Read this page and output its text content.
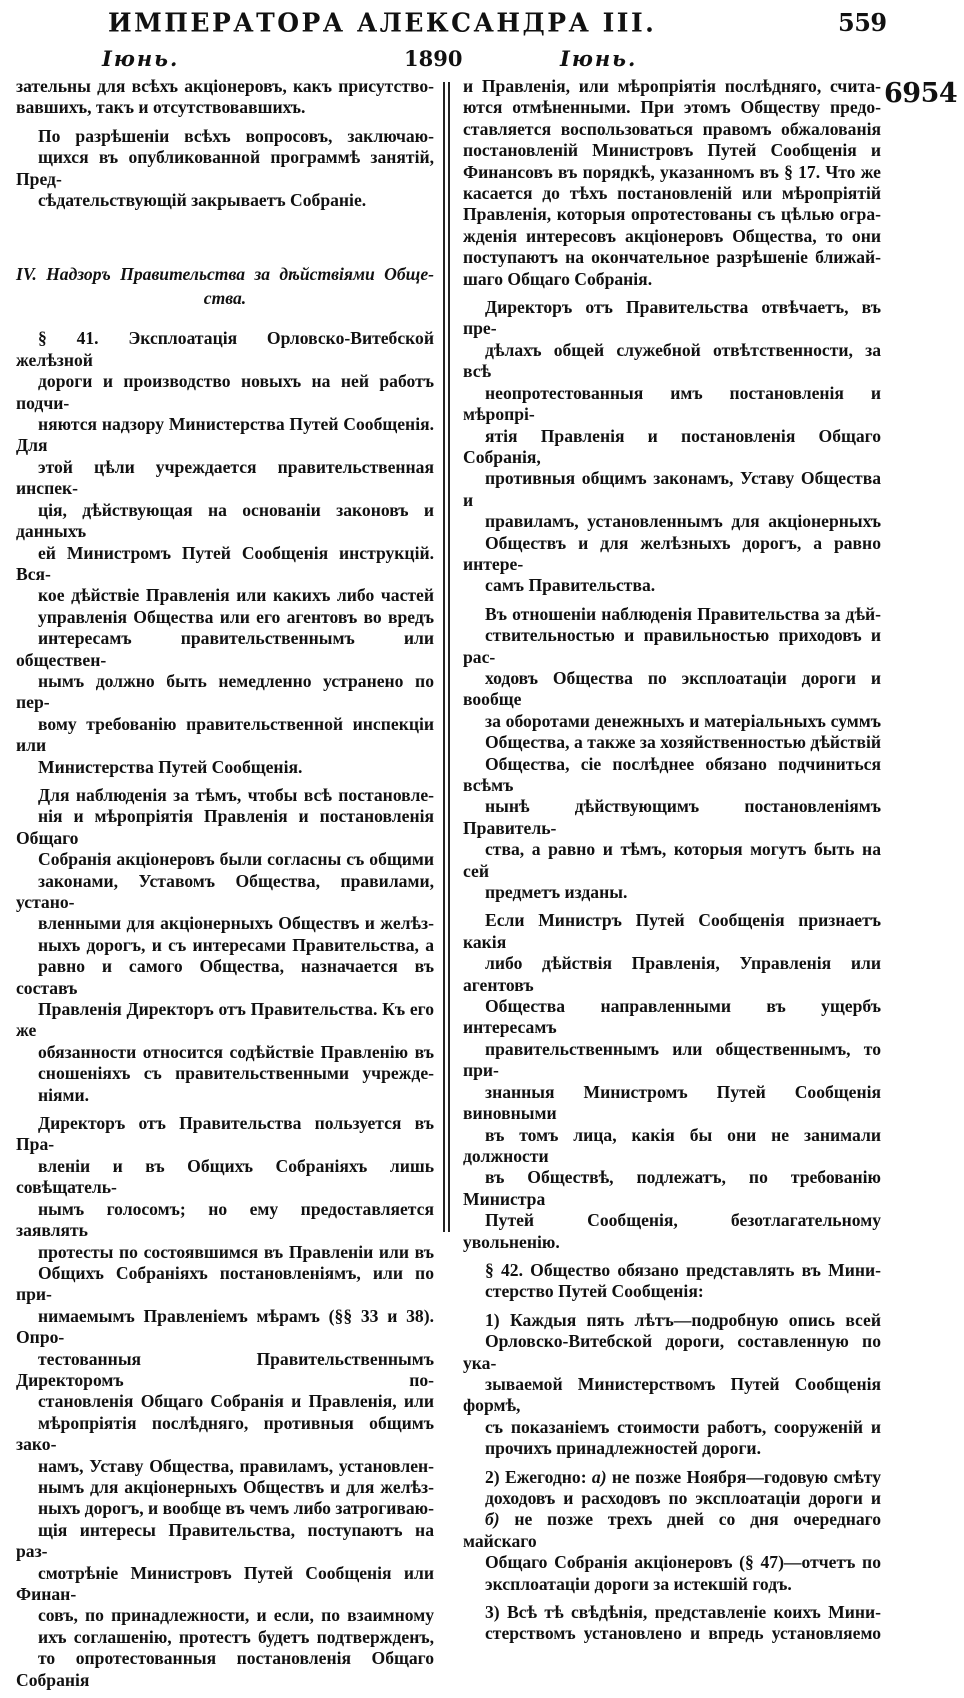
ИМПЕРАТОРА АЛЕКСАНДРА III.	559
Іюнь.	1890	Іюнь.
6954

зательны для всѣхъ акціонеровъ, какъ присутство-
вавшихъ, такъ и отсутствовавшихъ.

По разрѣшеніи всѣхъ вопросовъ, заключаю-
щихся въ опубликованной программѣ занятій, Пред-
сѣдательствующій закрываетъ Собраніе.

IV. Надзоръ Правительства за дѣйствіями Обще-
ства.

§ 41. Эксплоатація Орловско-Витебской желѣзной
дороги и производство новыхъ на ней работъ подчи-
няются надзору Министерства Путей Сообщенія. Для
этой цѣли учреждается правительственная инспек-
ція, дѣйствующая на основаніи законовъ и данныхъ
ей Министромъ Путей Сообщенія инструкцій. Вся-
кое дѣйствіе Правленія или какихъ либо частей
управленія Общества или его агентовъ во вредъ
интересамъ правительственнымъ или обществен-
нымъ должно быть немедленно устранено по пер-
вому требованію правительственной инспекціи или
Министерства Путей Сообщенія.

Для наблюденія за тѣмъ, чтобы всѣ постановле-
нія и мѣропріятія Правленія и постановленія Общаго
Собранія акціонеровъ были согласны съ общими
законами, Уставомъ Общества, правилами, устано-
вленными для акціонерныхъ Обществъ и желѣз-
ныхъ дорогъ, и съ интересами Правительства, а
равно и самого Общества, назначается въ составъ
Правленія Директоръ отъ Правительства. Къ его же
обязанности относится содѣйствіе Правленію въ
сношеніяхъ съ правительственными учрежде-
ніями.

Директоръ отъ Правительства пользуется въ Пра-
вленіи и въ Общихъ Собраніяхъ лишь совѣщатель-
нымъ голосомъ; но ему предоставляется заявлять
протесты по состоявшимся въ Правленіи или въ
Общихъ Собраніяхъ постановленіямъ, или по при-
нимаемымъ Правленіемъ мѣрамъ (§§ 33 и 38). Опро-
тестованныя Правительственнымъ Директоромъ по-
становленія Общаго Собранія и Правленія, или
мѣропріятія послѣдняго, противныя общимъ зако-
намъ, Уставу Общества, правиламъ, установлен-
нымъ для акціонерныхъ Обществъ и для желѣз-
ныхъ дорогъ, и вообще въ чемъ либо затрогиваю-
щія интересы Правительства, поступаютъ на раз-
смотрѣніе Министровъ Путей Сообщенія или Финан-
совъ, по принадлежности, и если, по взаимному
ихъ соглашенію, протестъ будетъ подтвержденъ,
то опротестованныя постановленія Общаго Собранія

и Правленія, или мѣропріятія послѣдняго, счита-
ются отмѣненными. При этомъ Обществу предо-
ставляется воспользоваться правомъ обжалованія
постановленій Министровъ Путей Сообщенія и
Финансовъ въ порядкѣ, указанномъ въ § 17. Что же
касается до тѣхъ постановленій или мѣропріятій
Правленія, которыя опротестованы съ цѣлью огра-
жденія интересовъ акціонеровъ Общества, то они
поступаютъ на окончательное разрѣшеніе ближай-
шаго Общаго Собранія.

Директоръ отъ Правительства отвѣчаетъ, въ пре-
дѣлахъ общей служебной отвѣтственности, за всѣ
неопротестованныя имъ постановленія и мѣропрі-
ятія Правленія и постановленія Общаго Собранія,
противныя общимъ законамъ, Уставу Общества и
правиламъ, установленнымъ для акціонерныхъ
Обществъ и для желѣзныхъ дорогъ, а равно интере-
самъ Правительства.

Въ отношеніи наблюденія Правительства за дѣй-
ствительностью и правильностью приходовъ и рас-
ходовъ Общества по эксплоатаціи дороги и вообще
за оборотами денежныхъ и матеріальныхъ суммъ
Общества, а также за хозяйственностью дѣйствій
Общества, сіе послѣднее обязано подчиниться всѣмъ
нынѣ дѣйствующимъ постановленіямъ Правитель-
ства, а равно и тѣмъ, которыя могутъ быть на сей
предметъ изданы.

Если Министръ Путей Сообщенія признаетъ какія
либо дѣйствія Правленія, Управленія или агентовъ
Общества направленными въ ущербъ интересамъ
правительственнымъ или общественнымъ, то при-
знанныя Министромъ Путей Сообщенія виновными
въ томъ лица, какія бы они не занимали должности
въ Обществѣ, подлежатъ, по требованію Министра
Путей Сообщенія, безотлагательному увольненію.

§ 42. Общество обязано представлять въ Мини-
стерство Путей Сообщенія:

1) Каждыя пять лѣтъ—подробную опись всей
Орловско-Витебской дороги, составленную по ука-
зываемой Министерствомъ Путей Сообщенія формѣ,
съ показаніемъ стоимости работъ, сооруженій и
прочихъ принадлежностей дороги.

2) Ежегодно: а) не позже Ноября—годовую смѣту
доходовъ и расходовъ по эксплоатаціи дороги и
б) не позже трехъ дней со дня очереднаго майскаго
Общаго Собранія акціонеровъ (§ 47)—отчетъ по
эксплоатаціи дороги за истекшій годъ.

3) Всѣ тѣ свѣдѣнія, представленіе коихъ Мини-
стерствомъ установлено и впредь установляемо
